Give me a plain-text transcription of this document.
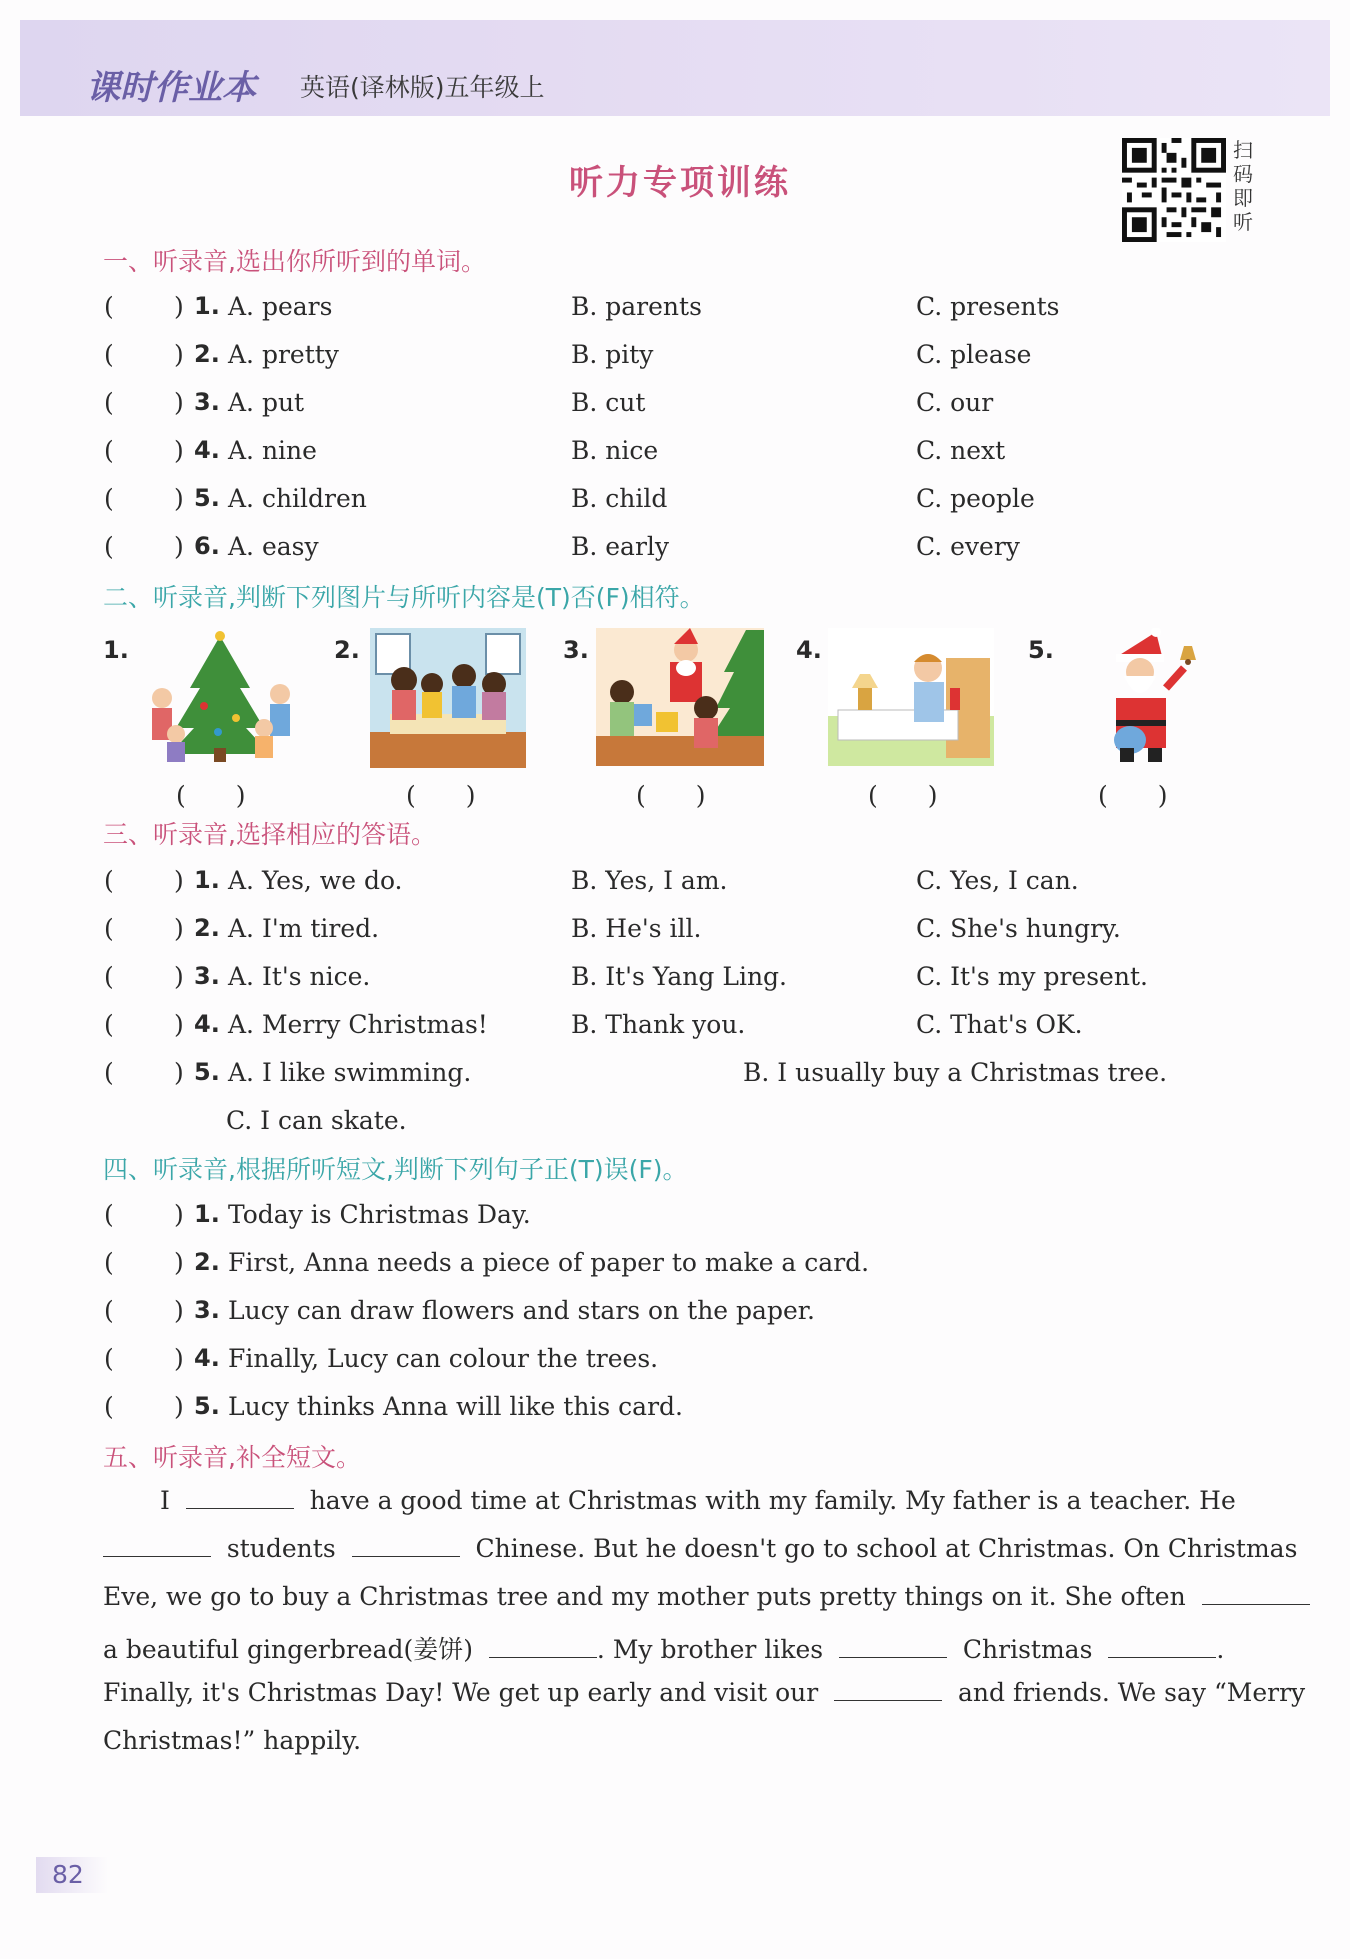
课时作业本 英语(译林版)五年级上
听力专项训练
扫
码
即
听
一、听录音,选出你所听到的单词。
( ) 1. A. pears	B. parents	C. presents
( ) 2. A. pretty	B. pity	C. please
( ) 3. A. put	B. cut	C. our
( ) 4. A. nine	B. nice	C. next
( ) 5. A. children	B. child	C. people
( ) 6. A. easy	B. early	C. every
二、听录音,判断下列图片与所听内容是(T)否(F)相符。
1.	2.	3.	4.	5.
(　　)	(　　)	(　　)	(　　)	(　　)
三、听录音,选择相应的答语。
( ) 1. A. Yes, we do.	B. Yes, I am.	C. Yes, I can.
( ) 2. A. I'm tired.	B. He's ill.	C. She's hungry.
( ) 3. A. It's nice.	B. It's Yang Ling.	C. It's my present.
( ) 4. A. Merry Christmas!	B. Thank you.	C. That's OK.
( ) 5. A. I like swimming.	B. I usually buy a Christmas tree.
C. I can skate.
四、听录音,根据所听短文,判断下列句子正(T)误(F)。
( ) 1. Today is Christmas Day.
( ) 2. First, Anna needs a piece of paper to make a card.
( ) 3. Lucy can draw flowers and stars on the paper.
( ) 4. Finally, Lucy can colour the trees.
( ) 5. Lucy thinks Anna will like this card.
五、听录音,补全短文。
I	have a good time at Christmas with my family. My father is a teacher. He
students	Chinese. But he doesn't go to school at Christmas. On Christmas
Eve, we go to buy a Christmas tree and my mother puts pretty things on it. She often
a beautiful gingerbread(姜饼)	. My brother likes	Christmas	.
Finally, it's Christmas Day! We get up early and visit our	and friends. We say “Merry
Christmas!” happily.
82
